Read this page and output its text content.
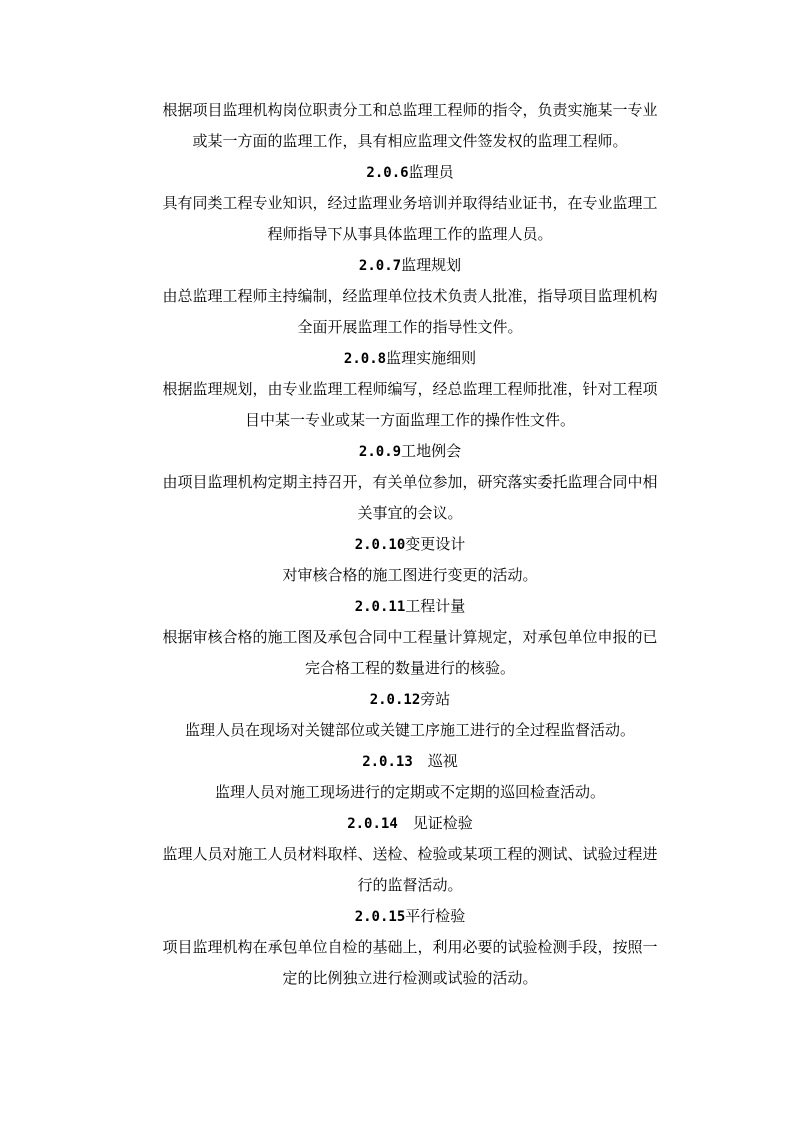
根据项目监理机构岗位职责分工和总监理工程师的指令，负责实施某一专业
或某一方面的监理工作，具有相应监理文件签发权的监理工程师。
2.0.6监理员
具有同类工程专业知识，经过监理业务培训并取得结业证书，在专业监理工
程师指导下从事具体监理工作的监理人员。
2.0.7监理规划
由总监理工程师主持编制，经监理单位技术负责人批准，指导项目监理机构
全面开展监理工作的指导性文件。
2.0.8监理实施细则
根据监理规划，由专业监理工程师编写，经总监理工程师批准，针对工程项
目中某一专业或某一方面监理工作的操作性文件。
2.0.9工地例会
由项目监理机构定期主持召开，有关单位参加，研究落实委托监理合同中相
关事宜的会议。
2.0.10变更设计
对审核合格的施工图进行变更的活动。
2.0.11工程计量
根据审核合格的施工图及承包合同中工程量计算规定，对承包单位申报的已
完合格工程的数量进行的核验。
2.0.12旁站
监理人员在现场对关键部位或关键工序施工进行的全过程监督活动。
2.0.13　巡视
监理人员对施工现场进行的定期或不定期的巡回检查活动。
2.0.14　见证检验
监理人员对施工人员材料取样、送检、检验或某项工程的测试、试验过程进
行的监督活动。
2.0.15平行检验
项目监理机构在承包单位自检的基础上，利用必要的试验检测手段，按照一
定的比例独立进行检测或试验的活动。
